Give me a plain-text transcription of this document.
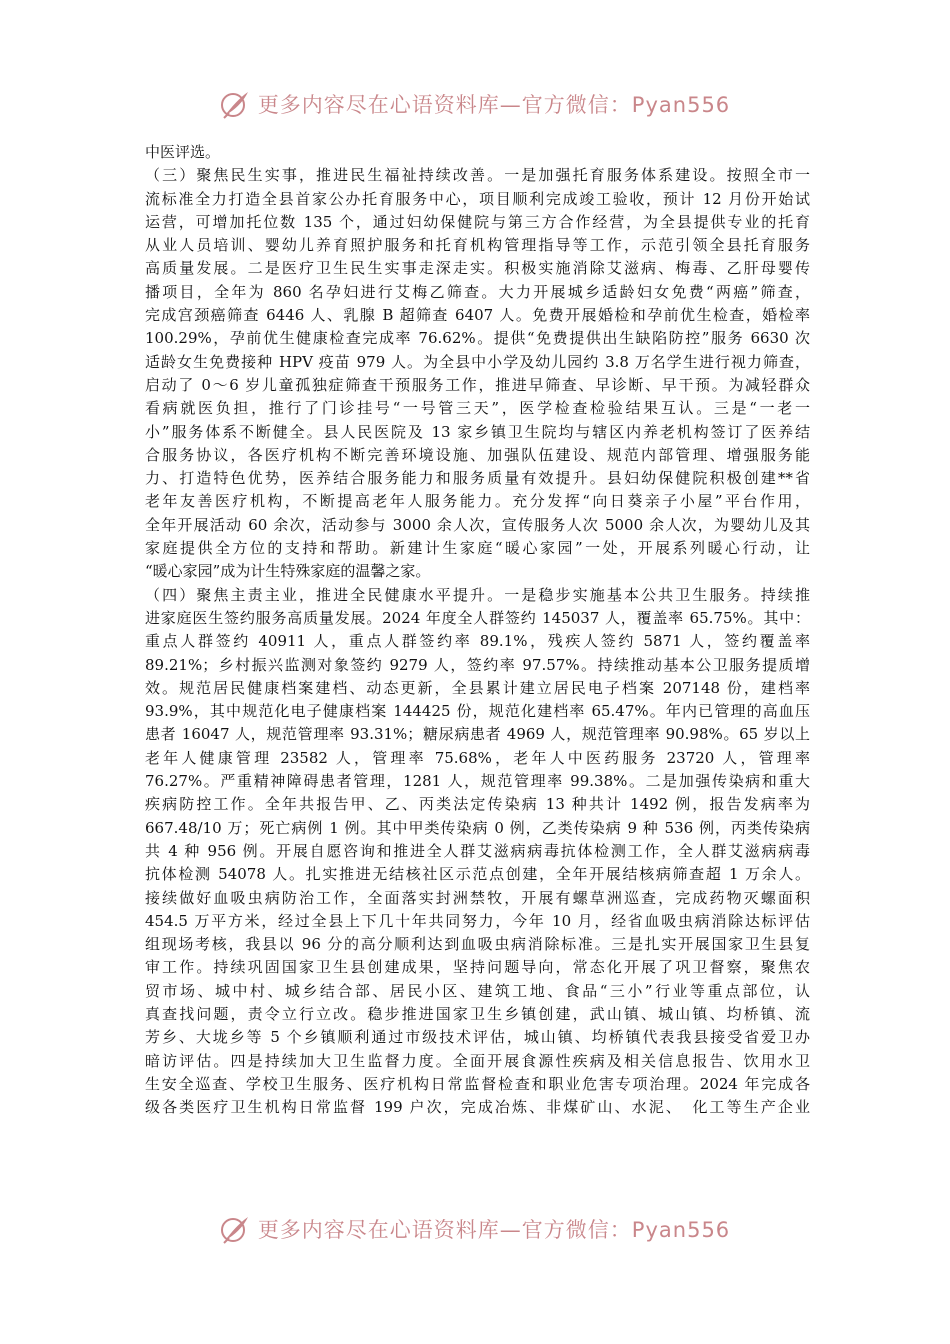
更多内容尽在心语资料库—官方微信：Pyan556
中医评选。
（三）聚焦民生实事，推进民生福祉持续改善。一是加强托育服务体系建设。按照全市一
流标准全力打造全县首家公办托育服务中心，项目顺利完成竣工验收，预计 12 月份开始试
运营，可增加托位数 135 个，通过妇幼保健院与第三方合作经营，为全县提供专业的托育
从业人员培训、婴幼儿养育照护服务和托育机构管理指导等工作，示范引领全县托育服务
高质量发展。二是医疗卫生民生实事走深走实。积极实施消除艾滋病、梅毒、乙肝母婴传
播项目，全年为 860 名孕妇进行艾梅乙筛查。大力开展城乡适龄妇女免费“两癌”筛查，
完成宫颈癌筛查 6446 人、乳腺 B 超筛查 6407 人。免费开展婚检和孕前优生检查，婚检率
100.29%，孕前优生健康检查完成率 76.62%。提供“免费提供出生缺陷防控”服务 6630 次
适龄女生免费接种 HPV 疫苗 979 人。为全县中小学及幼儿园约 3.8 万名学生进行视力筛查，
启动了 0～6 岁儿童孤独症筛查干预服务工作，推进早筛查、早诊断、早干预。为减轻群众
看病就医负担，推行了门诊挂号“一号管三天”，医学检查检验结果互认。三是“一老一
小”服务体系不断健全。县人民医院及 13 家乡镇卫生院均与辖区内养老机构签订了医养结
合服务协议，各医疗机构不断完善环境设施、加强队伍建设、规范内部管理、增强服务能
力、打造特色优势，医养结合服务能力和服务质量有效提升。县妇幼保健院积极创建**省
老年友善医疗机构，不断提高老年人服务能力。充分发挥“向日葵亲子小屋”平台作用，
全年开展活动 60 余次，活动参与 3000 余人次，宣传服务人次 5000 余人次，为婴幼儿及其
家庭提供全方位的支持和帮助。新建计生家庭“暖心家园”一处，开展系列暖心行动，让
“暖心家园”成为计生特殊家庭的温馨之家。
（四）聚焦主责主业，推进全民健康水平提升。一是稳步实施基本公共卫生服务。持续推
进家庭医生签约服务高质量发展。2024 年度全人群签约 145037 人，覆盖率 65.75%。其中：
重点人群签约 40911 人，重点人群签约率 89.1%，残疾人签约 5871 人，签约覆盖率
89.21%；乡村振兴监测对象签约 9279 人，签约率 97.57%。持续推动基本公卫服务提质增
效。规范居民健康档案建档、动态更新，全县累计建立居民电子档案 207148 份，建档率
93.9%，其中规范化电子健康档案 144425 份，规范化建档率 65.47%。年内已管理的高血压
患者 16047 人，规范管理率 93.31%；糖尿病患者 4969 人，规范管理率 90.98%。65 岁以上
老年人健康管理 23582 人，管理率 75.68%，老年人中医药服务 23720 人，管理率
76.27%。严重精神障碍患者管理，1281 人，规范管理率 99.38%。二是加强传染病和重大
疾病防控工作。全年共报告甲、乙、丙类法定传染病 13 种共计 1492 例，报告发病率为
667.48/10 万；死亡病例 1 例。其中甲类传染病 0 例，乙类传染病 9 种 536 例，丙类传染病
共 4 种 956 例。开展自愿咨询和推进全人群艾滋病病毒抗体检测工作，全人群艾滋病病毒
抗体检测 54078 人。扎实推进无结核社区示范点创建，全年开展结核病筛查超 1 万余人。
接续做好血吸虫病防治工作，全面落实封洲禁牧，开展有螺草洲巡查，完成药物灭螺面积
454.5 万平方米，经过全县上下几十年共同努力，今年 10 月，经省血吸虫病消除达标评估
组现场考核，我县以 96 分的高分顺利达到血吸虫病消除标准。三是扎实开展国家卫生县复
审工作。持续巩固国家卫生县创建成果，坚持问题导向，常态化开展了巩卫督察，聚焦农
贸市场、城中村、城乡结合部、居民小区、建筑工地、食品“三小”行业等重点部位，认
真查找问题，责令立行立改。稳步推进国家卫生乡镇创建，武山镇、城山镇、均桥镇、流
芳乡、大垅乡等 5 个乡镇顺利通过市级技术评估，城山镇、均桥镇代表我县接受省爱卫办
暗访评估。四是持续加大卫生监督力度。全面开展食源性疾病及相关信息报告、饮用水卫
生安全巡查、学校卫生服务、医疗机构日常监督检查和职业危害专项治理。2024 年完成各
级各类医疗卫生机构日常监督 199 户次，完成冶炼、非煤矿山、水泥、　化工等生产企业
更多内容尽在心语资料库—官方微信：Pyan556
